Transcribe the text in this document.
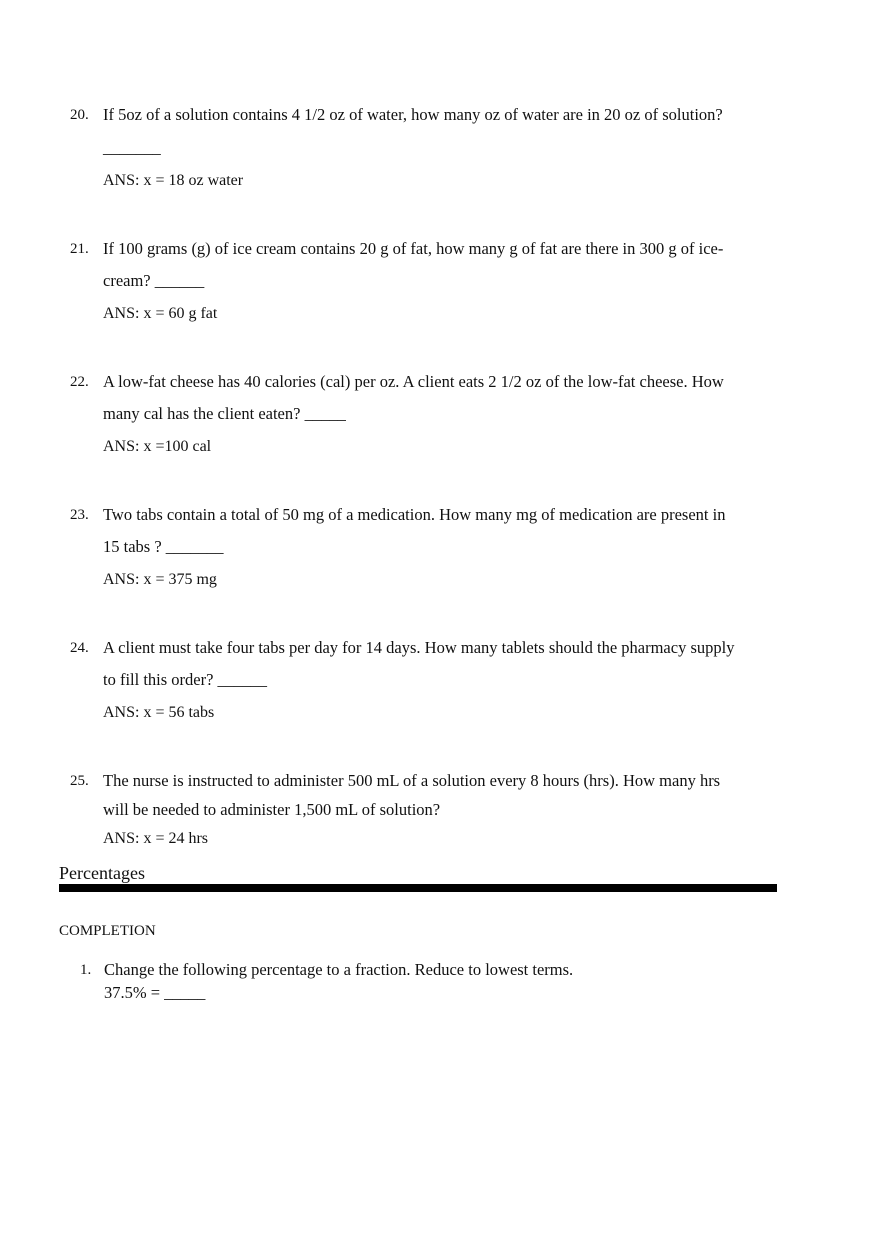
20. If 5oz of a solution contains 4 1/2 oz of water, how many oz of water are in 20 oz of solution?
_______
ANS: x = 18 oz water
21. If 100 grams (g) of ice cream contains 20 g of fat, how many g of fat are there in 300 g of ice-
cream? ______
ANS: x = 60 g fat
22. A low-fat cheese has 40 calories (cal) per oz. A client eats 2 1/2 oz of the low-fat cheese. How
many cal has the client eaten? _____
ANS: x =100 cal
23. Two tabs contain a total of 50 mg of a medication. How many mg of medication are present in
15 tabs ? _______
ANS: x = 375 mg
24. A client must take four tabs per day for 14 days. How many tablets should the pharmacy supply
to fill this order? ______
ANS: x = 56 tabs
25. The nurse is instructed to administer 500 mL of a solution every 8 hours (hrs). How many hrs
will be needed to administer 1,500 mL of solution?
ANS: x = 24 hrs
Percentages
COMPLETION
1. Change the following percentage to a fraction. Reduce to lowest terms.
37.5% = _____
